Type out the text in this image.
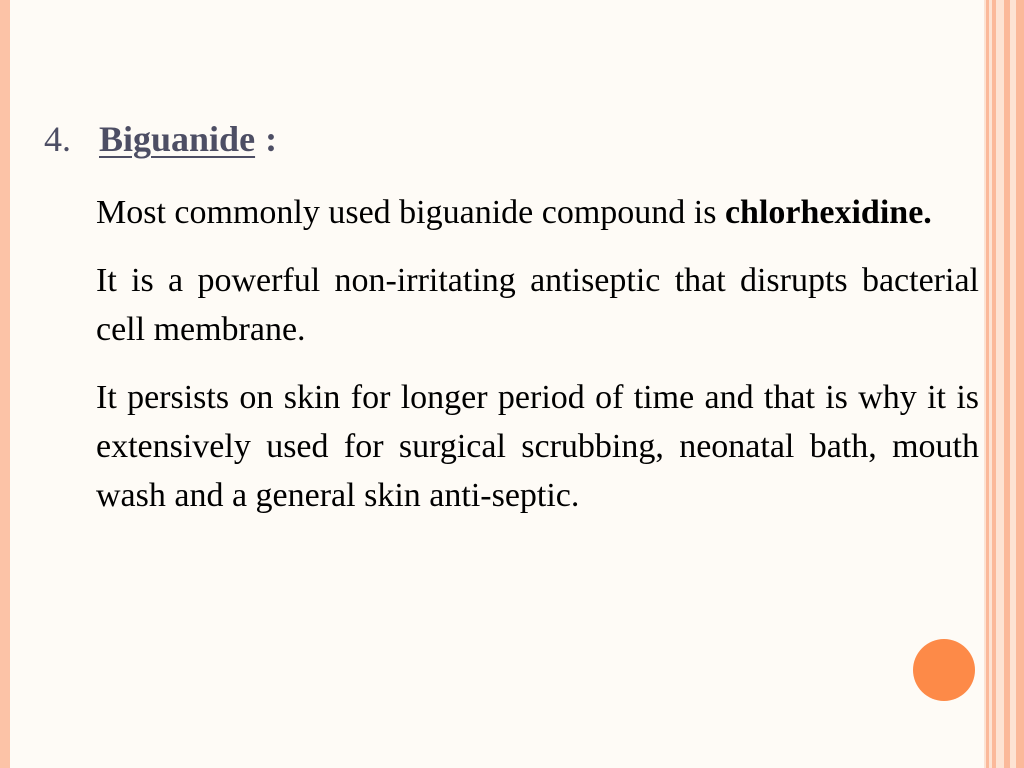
4. Biguanide :

Most commonly used biguanide compound is chlorhexidine.

It is a powerful non-irritating antiseptic that disrupts bacterial cell membrane.

It persists on skin for longer period of time and that is why it is extensively used for surgical scrubbing, neonatal bath, mouth wash and a general skin anti-septic.
